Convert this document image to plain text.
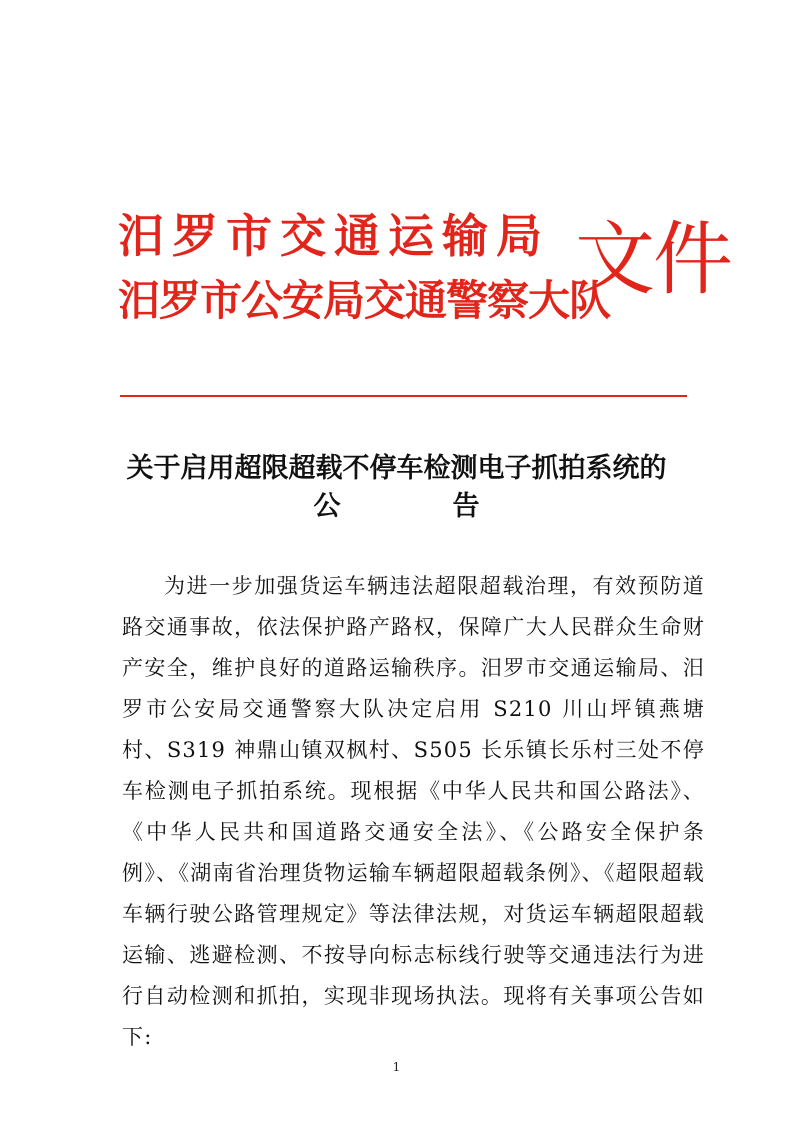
汨罗市交通运输局
汨罗市公安局交通警察大队
文件
关于启用超限超载不停车检测电子抓拍系统的
公	告

为进一步加强货运车辆违法超限超载治理，有效预防道路交通事故，依法保护路产路权，保障广大人民群众生命财产安全，维护良好的道路运输秩序。汨罗市交通运输局、汨罗市公安局交通警察大队决定启用 S210 川山坪镇燕塘村、S319 神鼎山镇双枫村、S505 长乐镇长乐村三处不停车检测电子抓拍系统。现根据《中华人民共和国公路法》、《中华人民共和国道路交通安全法》、《公路安全保护条例》、《湖南省治理货物运输车辆超限超载条例》、《超限超载车辆行驶公路管理规定》等法律法规，对货运车辆超限超载运输、逃避检测、不按导向标志标线行驶等交通违法行为进行自动检测和抓拍，实现非现场执法。现将有关事项公告如下:

1
